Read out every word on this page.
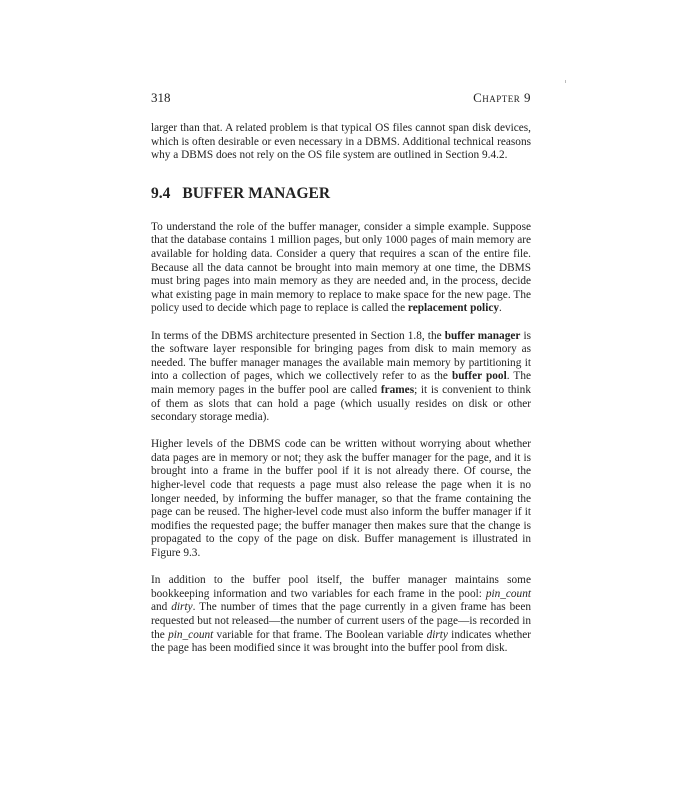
318	Chapter 9

larger than that. A related problem is that typical OS files cannot span disk devices, which is often desirable or even necessary in a DBMS. Additional technical reasons why a DBMS does not rely on the OS file system are outlined in Section 9.4.2.

9.4 BUFFER MANAGER

To understand the role of the buffer manager, consider a simple example. Suppose that the database contains 1 million pages, but only 1000 pages of main memory are available for holding data. Consider a query that requires a scan of the entire file. Because all the data cannot be brought into main memory at one time, the DBMS must bring pages into main memory as they are needed and, in the process, decide what existing page in main memory to replace to make space for the new page. The policy used to decide which page to replace is called the replacement policy.

In terms of the DBMS architecture presented in Section 1.8, the buffer manager is the software layer responsible for bringing pages from disk to main memory as needed. The buffer manager manages the available main memory by partitioning it into a collection of pages, which we collectively refer to as the buffer pool. The main memory pages in the buffer pool are called frames; it is convenient to think of them as slots that can hold a page (which usually resides on disk or other secondary storage media).

Higher levels of the DBMS code can be written without worrying about whether data pages are in memory or not; they ask the buffer manager for the page, and it is brought into a frame in the buffer pool if it is not already there. Of course, the higher-level code that requests a page must also release the page when it is no longer needed, by informing the buffer manager, so that the frame containing the page can be reused. The higher-level code must also inform the buffer manager if it modifies the requested page; the buffer manager then makes sure that the change is propagated to the copy of the page on disk. Buffer management is illustrated in Figure 9.3.

In addition to the buffer pool itself, the buffer manager maintains some bookkeeping information and two variables for each frame in the pool: pin_count and dirty. The number of times that the page currently in a given frame has been requested but not released—the number of current users of the page—is recorded in the pin_count variable for that frame. The Boolean variable dirty indicates whether the page has been modified since it was brought into the buffer pool from disk.
